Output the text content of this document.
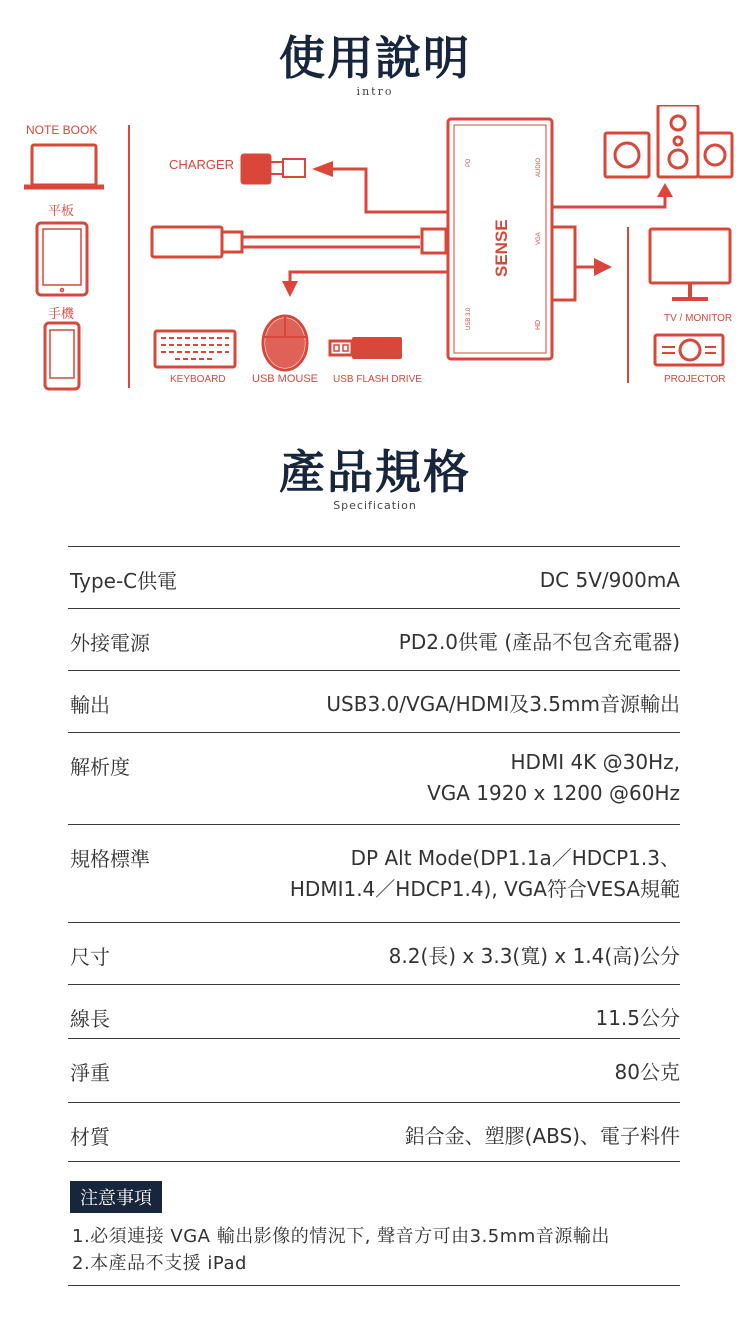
使用說明
intro
NOTE BOOK
平板
手機
CHARGER
KEYBOARD USB MOUSE USB FLASH DRIVE
TV / MONITOR
PROJECTOR
SENSE
PD	AUDIO
VGA
USB 3.0	HD
產品規格
Specification
Type-C供電	DC 5V/900mA
外接電源	PD2.0供電 (產品不包含充電器)
輸出	USB3.0/VGA/HDMI及3.5mm音源輸出
解析度	HDMI 4K @30Hz,
VGA 1920 x 1200 @60Hz
規格標準	DP Alt Mode(DP1.1a／HDCP1.3、
HDMI1.4／HDCP1.4), VGA符合VESA規範
尺寸	8.2(長) x 3.3(寬) x 1.4(高)公分
線長	11.5公分
淨重	80公克
材質	鋁合金、塑膠(ABS)、電子料件
注意事項
1.必須連接 VGA 輸出影像的情況下, 聲音方可由3.5mm音源輸出
2.本產品不支援 iPad
